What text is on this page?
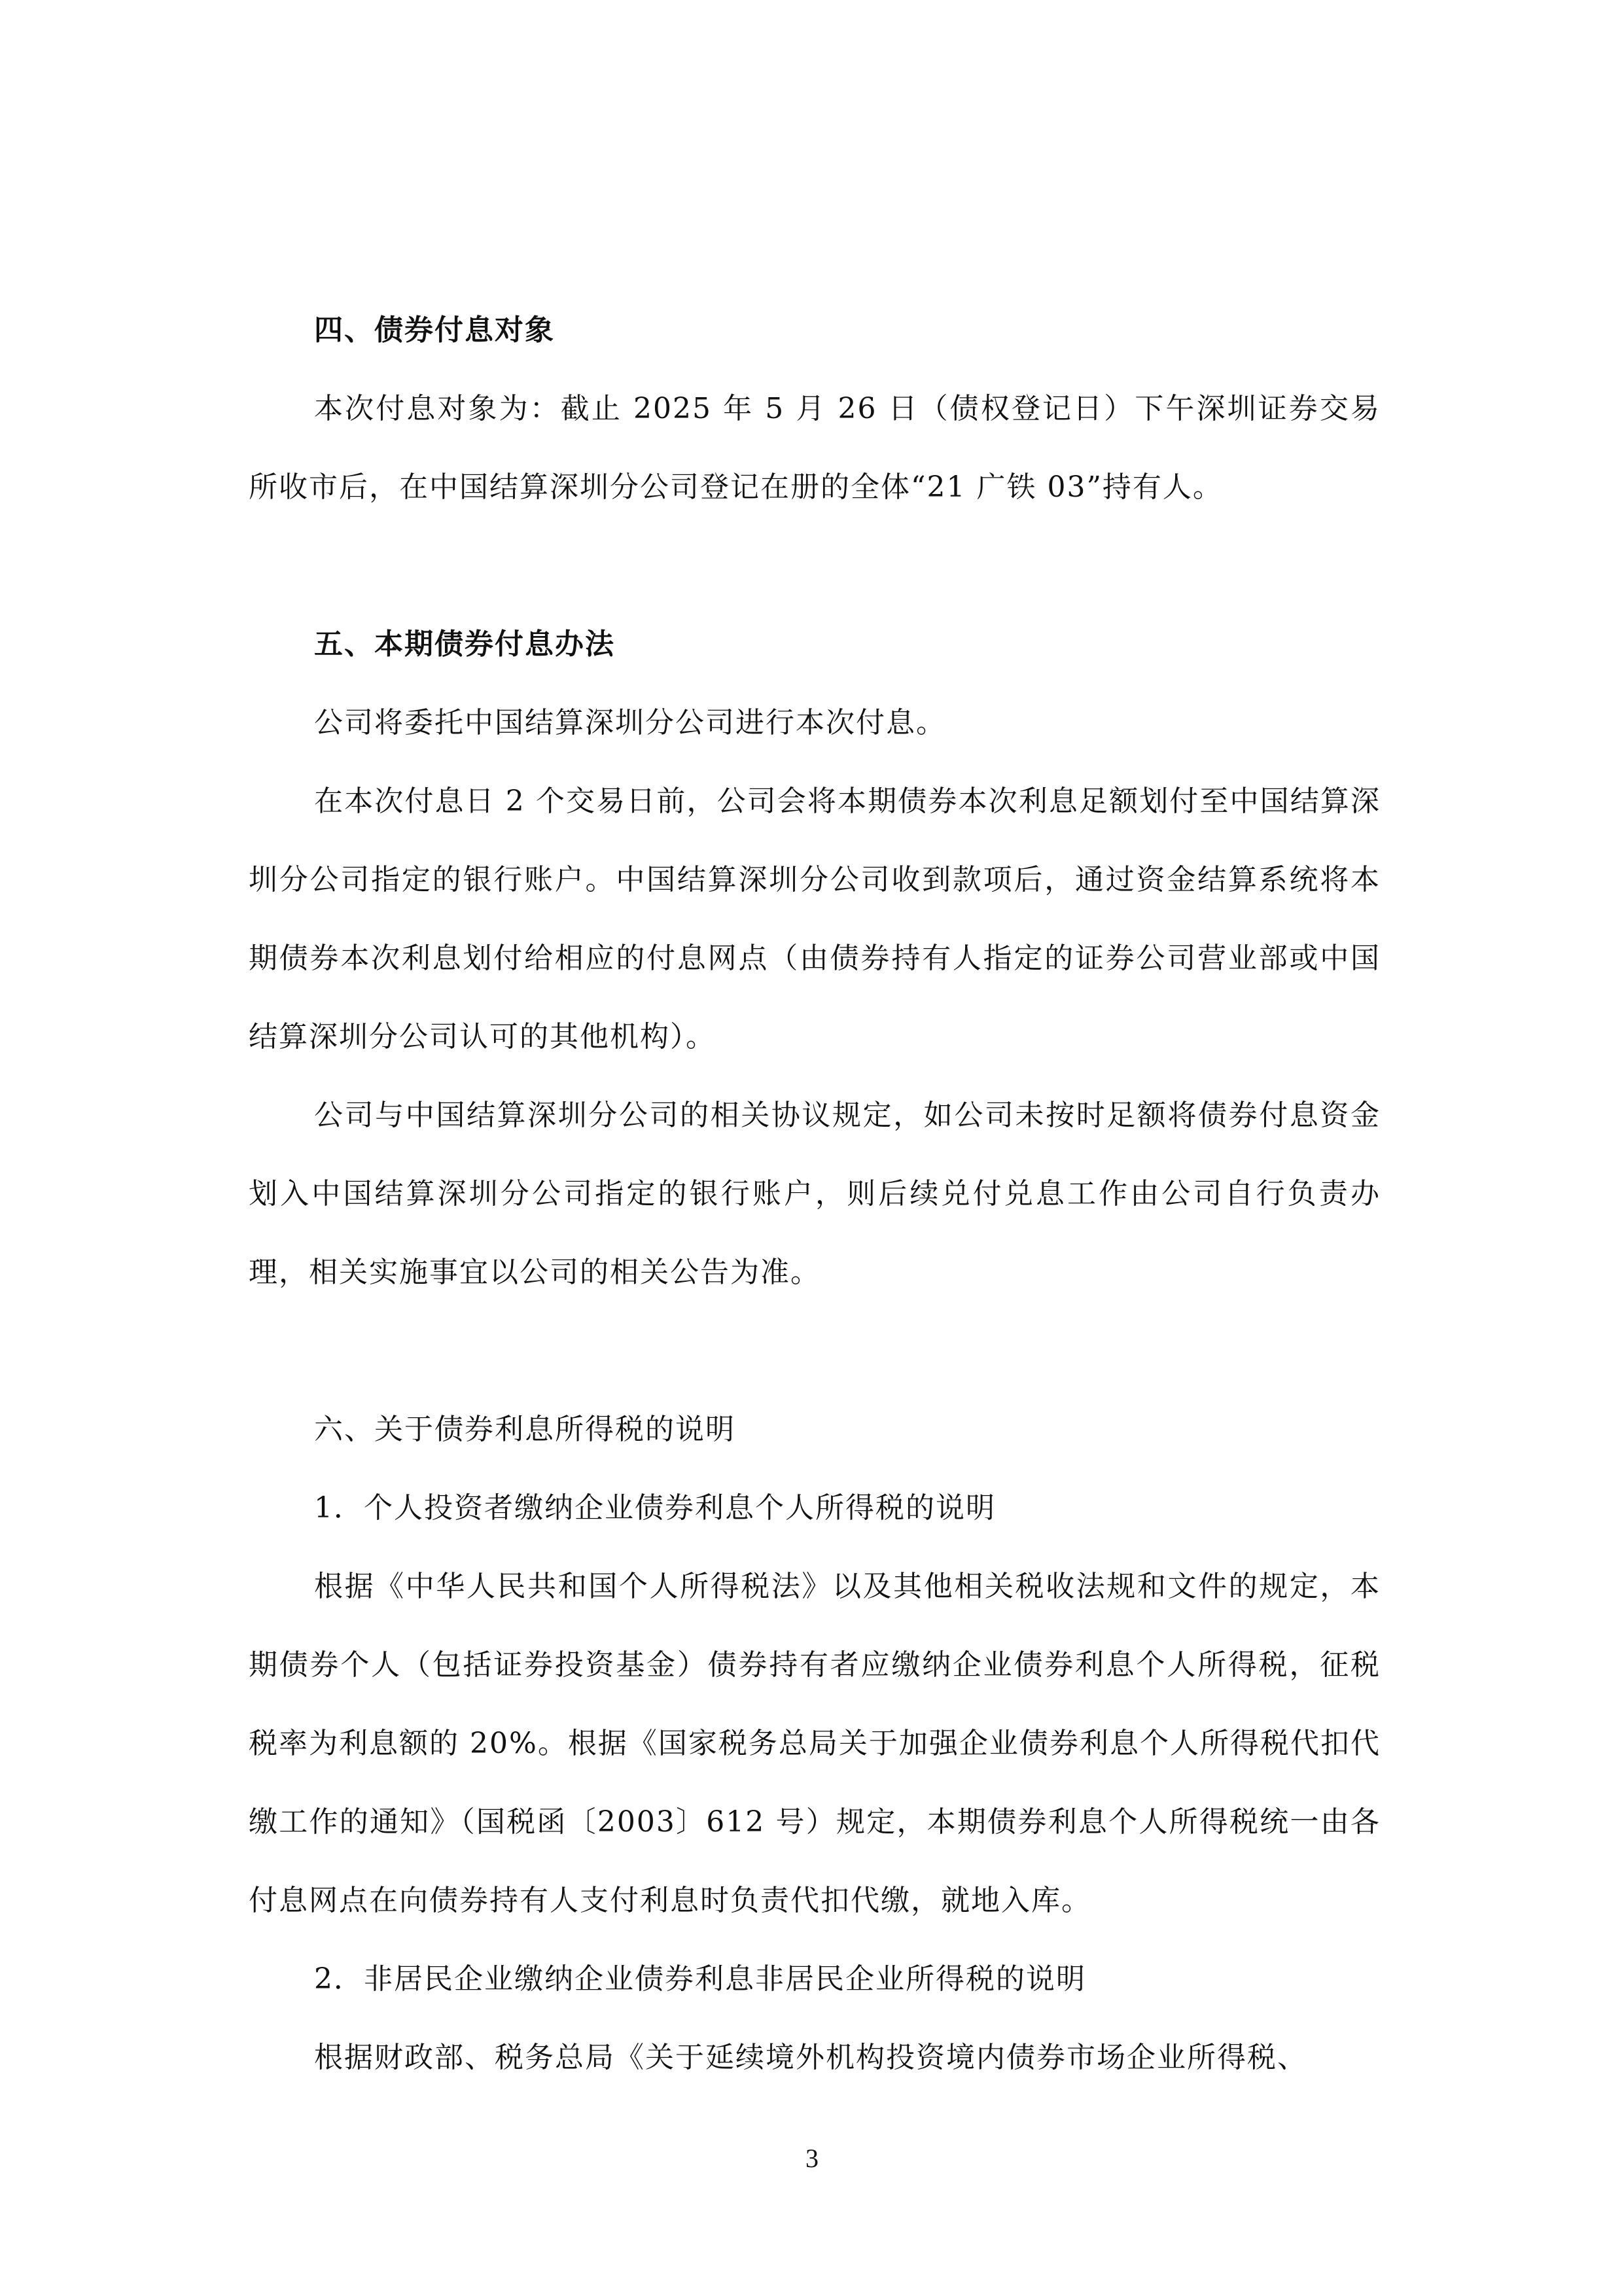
四、债券付息对象

本次付息对象为：截止 2025 年 5 月 26 日（债权登记日）下午深圳证券交易所收市后，在中国结算深圳分公司登记在册的全体“21 广铁 03”持有人。

五、本期债券付息办法

公司将委托中国结算深圳分公司进行本次付息。

在本次付息日 2 个交易日前，公司会将本期债券本次利息足额划付至中国结算深圳分公司指定的银行账户。中国结算深圳分公司收到款项后，通过资金结算系统将本期债券本次利息划付给相应的付息网点（由债券持有人指定的证券公司营业部或中国结算深圳分公司认可的其他机构）。

公司与中国结算深圳分公司的相关协议规定，如公司未按时足额将债券付息资金划入中国结算深圳分公司指定的银行账户，则后续兑付兑息工作由公司自行负责办理，相关实施事宜以公司的相关公告为准。

六、关于债券利息所得税的说明

1．个人投资者缴纳企业债券利息个人所得税的说明

根据《中华人民共和国个人所得税法》以及其他相关税收法规和文件的规定，本期债券个人（包括证券投资基金）债券持有者应缴纳企业债券利息个人所得税，征税税率为利息额的 20%。根据《国家税务总局关于加强企业债券利息个人所得税代扣代缴工作的通知》（国税函〔2003〕612 号）规定，本期债券利息个人所得税统一由各付息网点在向债券持有人支付利息时负责代扣代缴，就地入库。

2．非居民企业缴纳企业债券利息非居民企业所得税的说明

根据财政部、税务总局《关于延续境外机构投资境内债券市场企业所得税、

3
